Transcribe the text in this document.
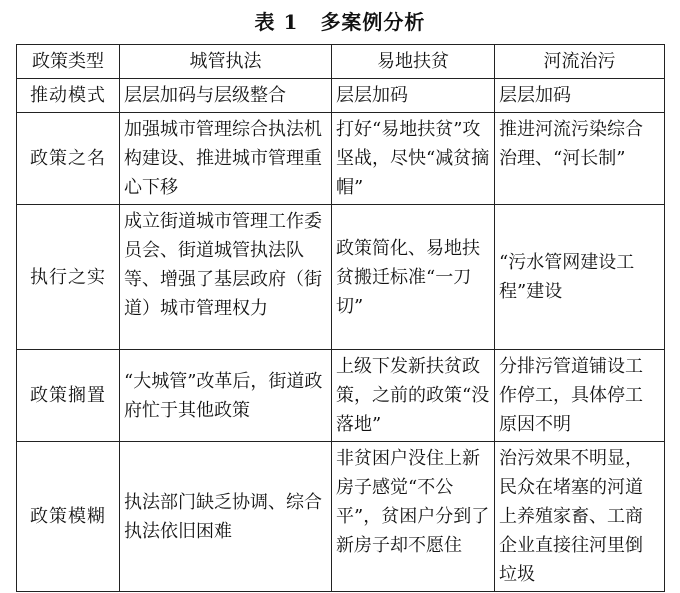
表 1 多案例分析
政策类型	城管执法	易地扶贫	河流治污
推动模式	层层加码与层级整合	层层加码	层层加码
政策之名	加强城市管理综合执法机构建设、推进城市管理重心下移	打好“易地扶贫”攻坚战，尽快“减贫摘帽”	推进河流污染综合治理、“河长制”
执行之实	成立街道城市管理工作委员会、街道城管执法队等、增强了基层政府（街道）城市管理权力	政策简化、易地扶贫搬迁标准“一刀切”	“污水管网建设工程”建设
政策搁置	“大城管”改革后，街道政府忙于其他政策	上级下发新扶贫政策，之前的政策“没落地”	分排污管道铺设工作停工，具体停工原因不明
政策模糊	执法部门缺乏协调、综合执法依旧困难	非贫困户没住上新房子感觉“不公平”，贫困户分到了新房子却不愿住	治污效果不明显，民众在堵塞的河道上养殖家畜、工商企业直接往河里倒垃圾
